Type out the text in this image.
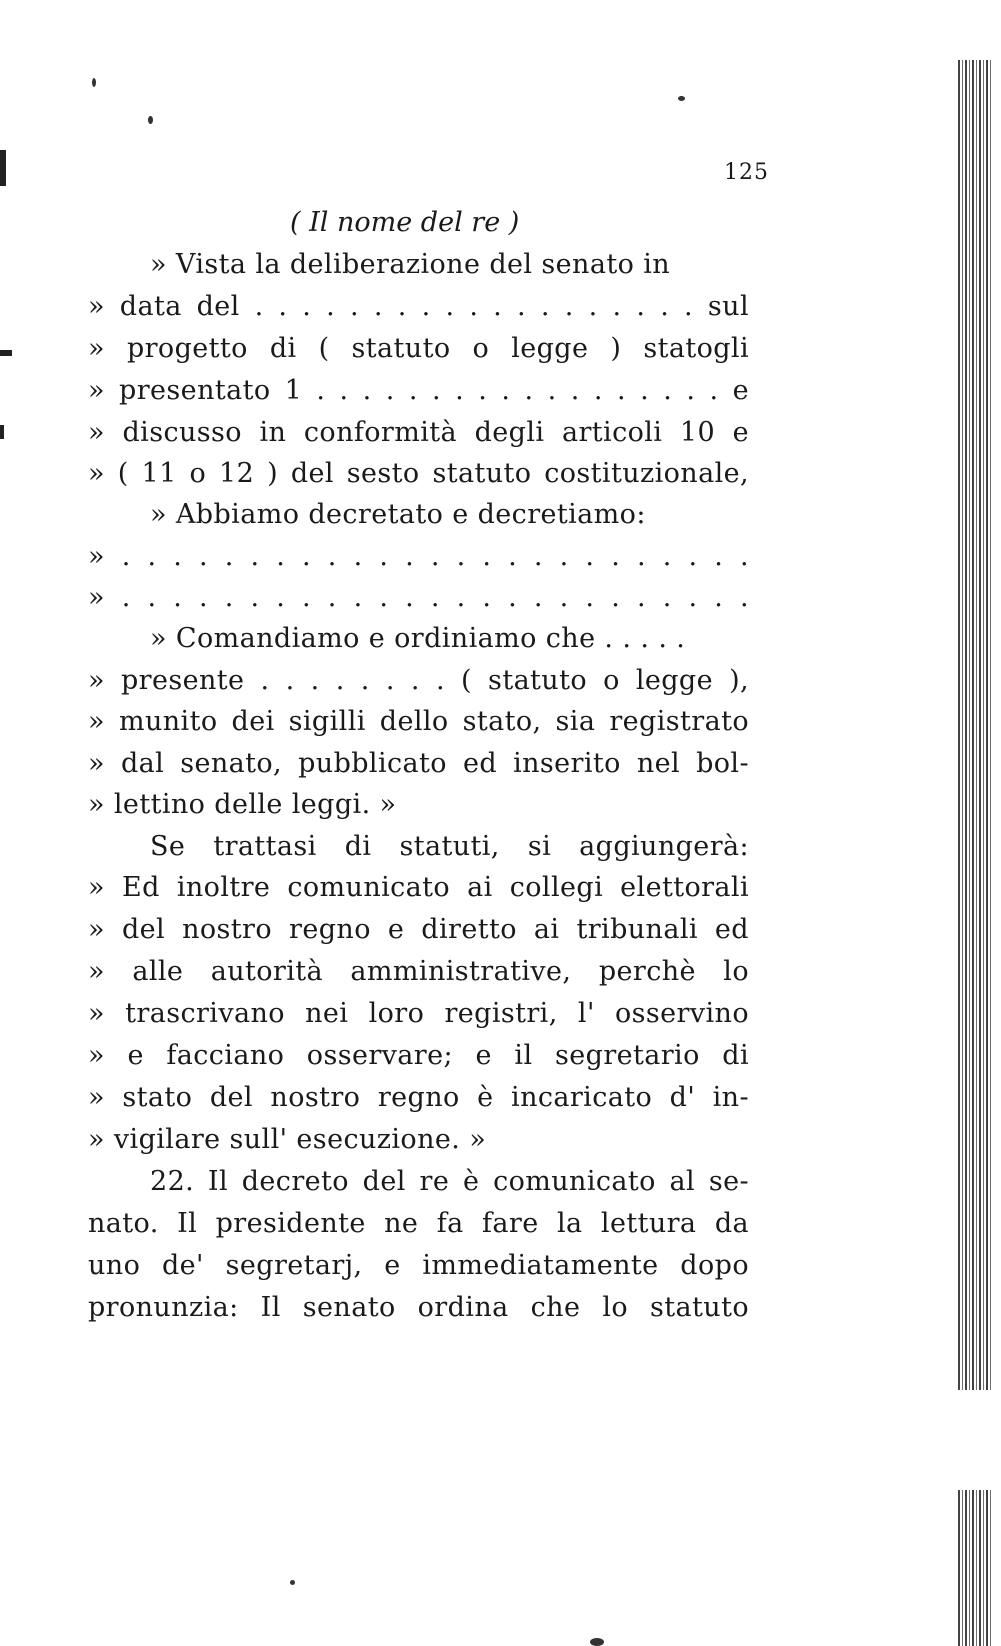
125
( Il nome del re )
» Vista la deliberazione del senato in
» data del . . . . . . . . . . . . . . . . . . . sul
» progetto di ( statuto o legge ) statogli
» presentato 1 . . . . . . . . . . . . . . . . . . e
» discusso in conformità degli articoli 10 e
» ( 11 o 12 ) del sesto statuto costituzionale,
» Abbiamo decretato e decretiamo:
» . . . . . . . . . . . . . . . . . . . . . . . . .
» . . . . . . . . . . . . . . . . . . . . . . . . .
» Comandiamo e ordiniamo che . . . . .
» presente . . . . . . . . ( statuto o legge ),
» munito dei sigilli dello stato, sia registrato
» dal senato, pubblicato ed inserito nel bol-
» lettino delle leggi. »
Se trattasi di statuti, si aggiungerà:
» Ed inoltre comunicato ai collegi elettorali
» del nostro regno e diretto ai tribunali ed
» alle autorità amministrative, perchè lo
» trascrivano nei loro registri, l' osservino
» e facciano osservare; e il segretario di
» stato del nostro regno è incaricato d' in-
» vigilare sull' esecuzione. »
22. Il decreto del re è comunicato al se-
nato. Il presidente ne fa fare la lettura da
uno de' segretarj, e immediatamente dopo
pronunzia: Il senato ordina che lo statuto
